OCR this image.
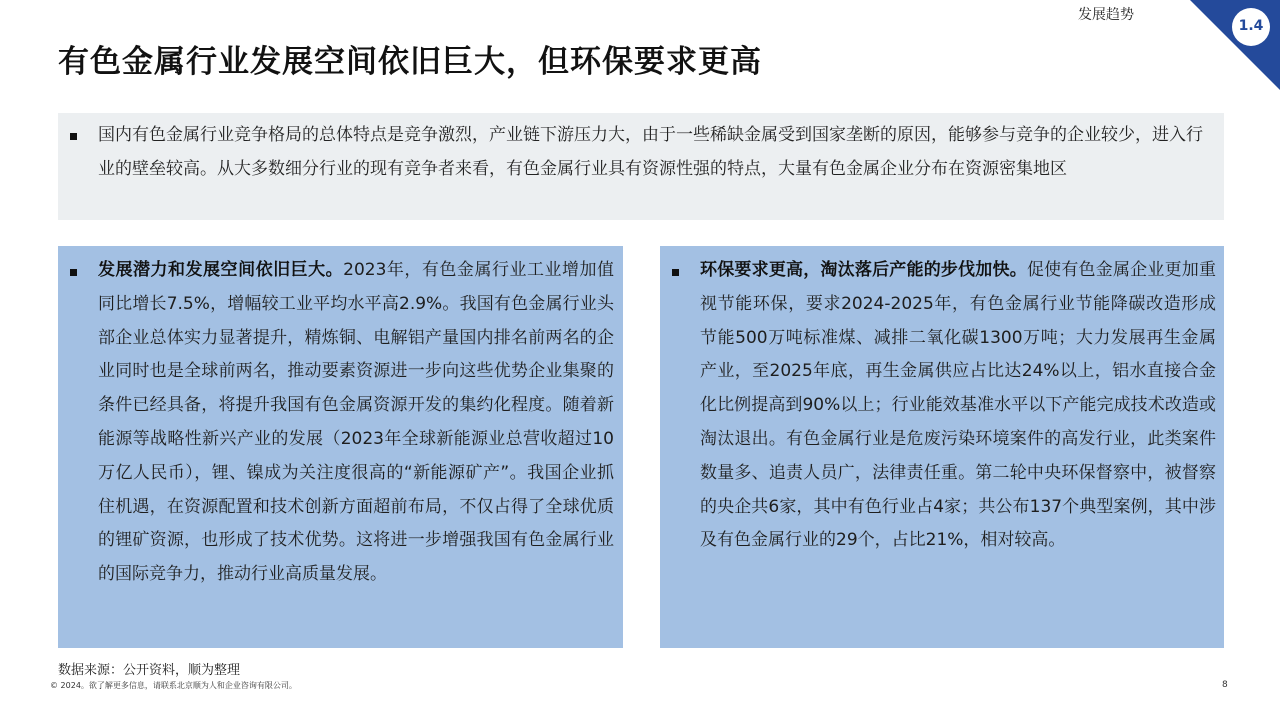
发展趋势
1.4
有色金属行业发展空间依旧巨大，但环保要求更高
国内有色金属行业竞争格局的总体特点是竞争激烈，产业链下游压力大，由于一些稀缺金属受到国家垄断的原因，能够参与竞争的企业较少，进入行业的壁垒较高。从大多数细分行业的现有竞争者来看，有色金属行业具有资源性强的特点，大量有色金属企业分布在资源密集地区
发展潜力和发展空间依旧巨大。2023年，有色金属行业工业增加值同比增长7.5%，增幅较工业平均水平高2.9%。我国有色金属行业头部企业总体实力显著提升，精炼铜、电解铝产量国内排名前两名的企业同时也是全球前两名，推动要素资源进一步向这些优势企业集聚的条件已经具备，将提升我国有色金属资源开发的集约化程度。随着新能源等战略性新兴产业的发展（2023年全球新能源业总营收超过10万亿人民币），锂、镍成为关注度很高的“新能源矿产”。我国企业抓住机遇，在资源配置和技术创新方面超前布局，不仅占得了全球优质的锂矿资源，也形成了技术优势。这将进一步增强我国有色金属行业的国际竞争力，推动行业高质量发展。
环保要求更高，淘汰落后产能的步伐加快。促使有色金属企业更加重视节能环保，要求2024-2025年，有色金属行业节能降碳改造形成节能500万吨标准煤、减排二氧化碳1300万吨；大力发展再生金属产业，至2025年底，再生金属供应占比达24%以上，铝水直接合金化比例提高到90%以上；行业能效基准水平以下产能完成技术改造或淘汰退出。有色金属行业是危废污染环境案件的高发行业，此类案件数量多、追责人员广，法律责任重。第二轮中央环保督察中，被督察的央企共6家，其中有色行业占4家；共公布137个典型案例，其中涉及有色金属行业的29个，占比21%，相对较高。
数据来源：公开资料，顺为整理
© 2024。欲了解更多信息，请联系北京顺为人和企业咨询有限公司。	8
